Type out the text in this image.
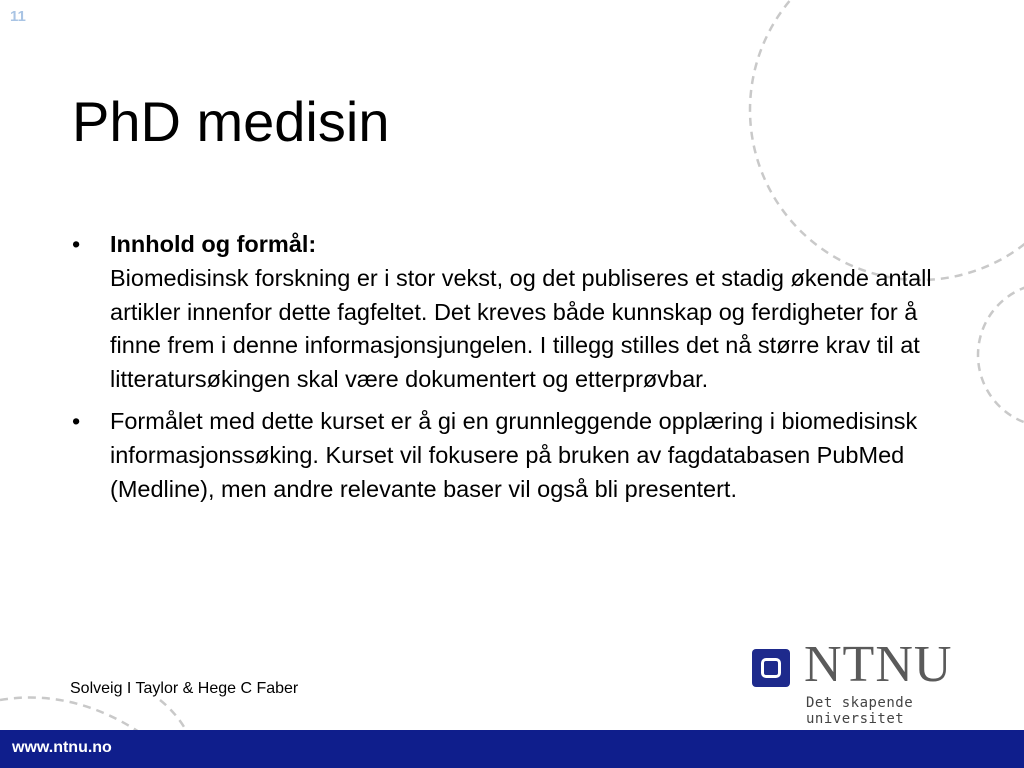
11
PhD medisin
• Innhold og formål:
Biomedisinsk forskning er i stor vekst, og det publiseres et stadig økende antall artikler innenfor dette fagfeltet. Det kreves både kunnskap og ferdigheter for å finne frem i denne informasjonsjungelen. I tillegg stilles det nå større krav til at litteratursøkingen skal være dokumentert og etterprøvbar.
• Formålet med dette kurset er å gi en grunnleggende opplæring i biomedisinsk informasjonssøking. Kurset vil fokusere på bruken av fagdatabasen PubMed (Medline), men andre relevante baser vil også bli presentert.
Solveig I Taylor & Hege C Faber	NTNU
Det skapende universitet
www.ntnu.no
